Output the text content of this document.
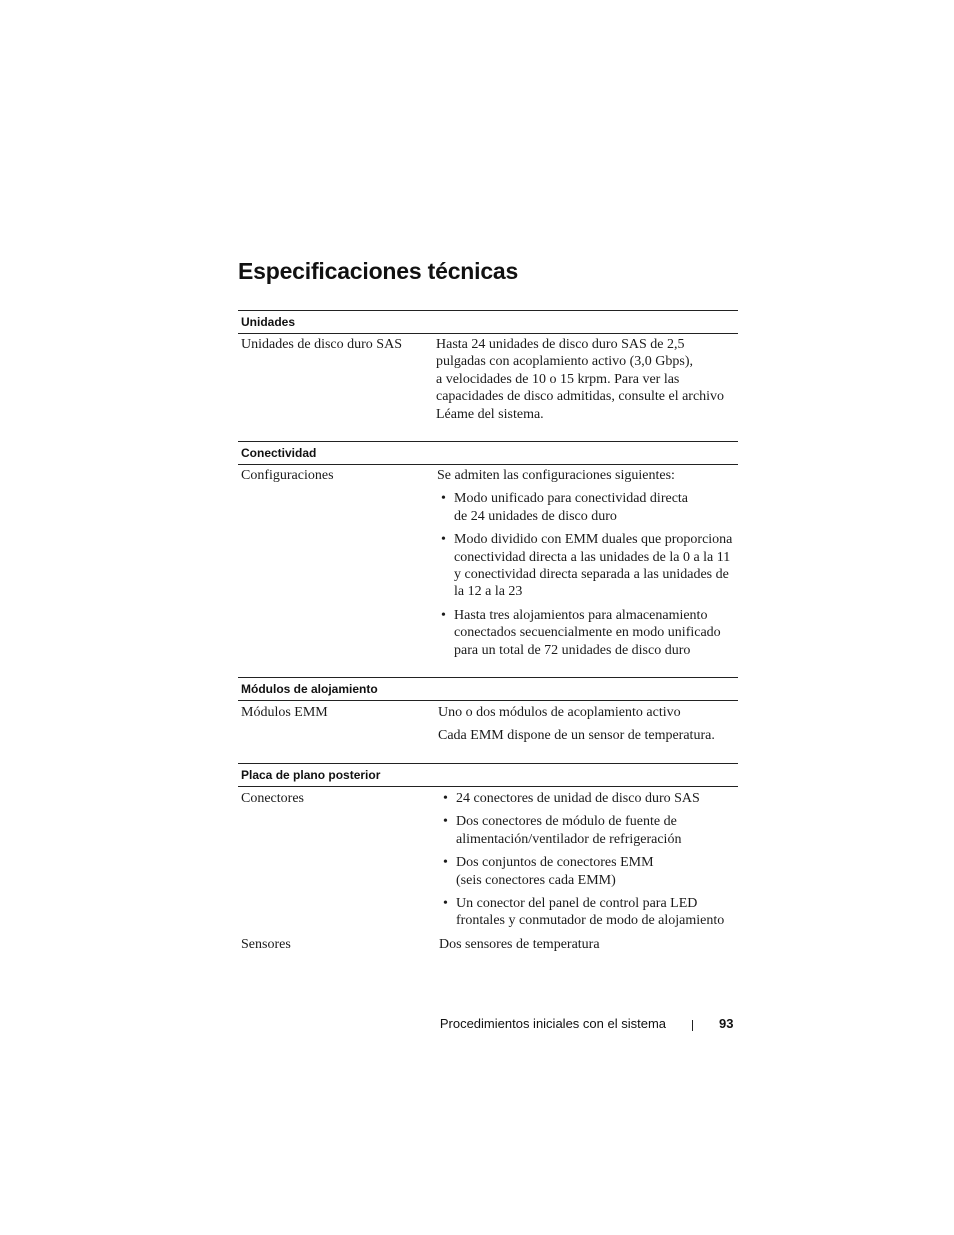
Especificaciones técnicas
Unidades
Unidades de disco duro SAS	Hasta 24 unidades de disco duro SAS de 2,5
pulgadas con acoplamiento activo (3,0 Gbps),
a velocidades de 10 o 15 krpm. Para ver las
capacidades de disco admitidas, consulte el archivo
Léame del sistema.
Conectividad
Configuraciones	Se admiten las configuraciones siguientes:

• Modo unificado para conectividad directa
de 24 unidades de disco duro
• Modo dividido con EMM duales que proporciona
conectividad directa a las unidades de la 0 a la 11
y conectividad directa separada a las unidades de
la 12 a la 23
• Hasta tres alojamientos para almacenamiento
conectados secuencialmente en modo unificado
para un total de 72 unidades de disco duro
Módulos de alojamiento
Módulos EMM	Uno o dos módulos de acoplamiento activo

Cada EMM dispone de un sensor de temperatura.

Placa de plano posterior
Conectores
•	24 conectores de unidad de disco duro SAS
• Dos conectores de módulo de fuente de
alimentación/ventilador de refrigeración
• Dos conjuntos de conectores EMM
(seis conectores cada EMM)
• Un conector del panel de control para LED
frontales y conmutador de modo de alojamiento
Sensores	Dos sensores de temperatura

Procedimientos iniciales con el sistema	93
